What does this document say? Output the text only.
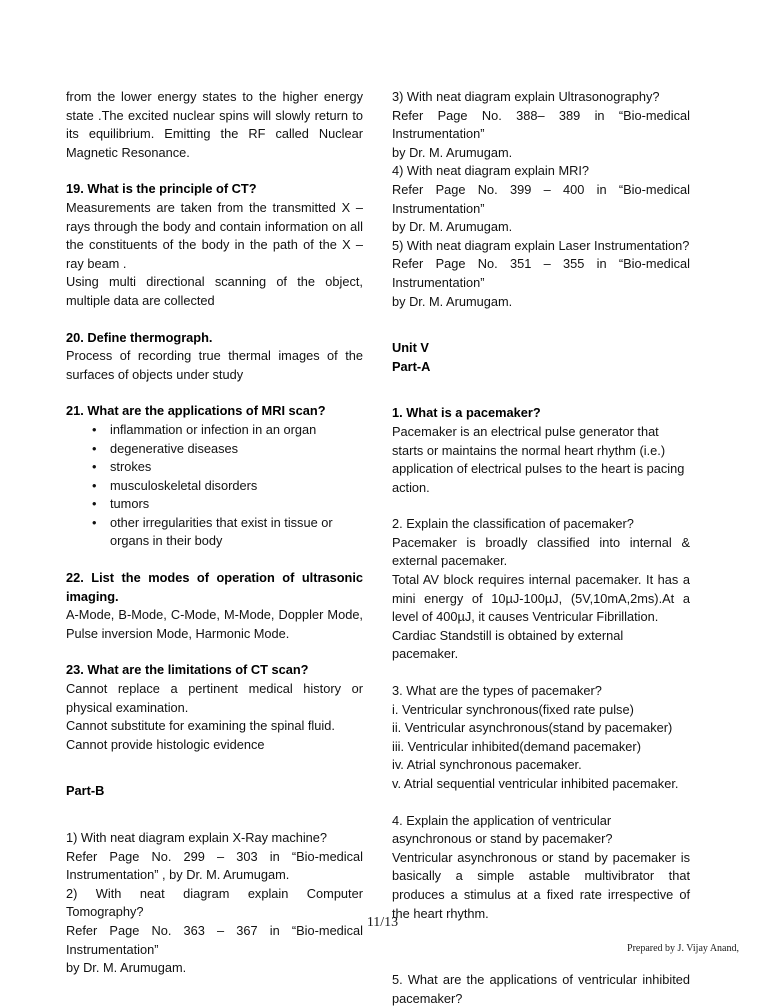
from the lower energy states to the higher energy state .The excited nuclear spins will slowly return to its equilibrium. Emitting the RF called Nuclear Magnetic Resonance.

19. What is the principle of CT?

Measurements are taken from the transmitted X – rays through the body and contain information on all the constituents of the body in the path of the X – ray beam .

Using multi directional scanning of the object, multiple data are collected

20. Define thermograph.

Process of recording true thermal images of the surfaces of objects under study

21. What are the applications of MRI scan?

• inflammation or infection in an organ
• degenerative diseases
• strokes
• musculoskeletal disorders
• tumors
• other irregularities that exist in tissue or organs in their body

22. List the modes of operation of ultrasonic imaging.

A-Mode, B-Mode, C-Mode, M-Mode, Doppler Mode, Pulse inversion Mode, Harmonic Mode.

23. What are the limitations of CT scan?

Cannot replace a pertinent medical history or physical examination.

Cannot substitute for examining the spinal fluid.

Cannot provide histologic evidence

Part-B

1) With neat diagram explain X-Ray machine?

Refer Page No. 299 – 303 in “Bio-medical Instrumentation” , by Dr. M. Arumugam.

2) With neat diagram explain Computer Tomography?

Refer Page No. 363 – 367 in “Bio-medical Instrumentation”

by Dr. M. Arumugam.

3) With neat diagram explain Ultrasonography?

Refer Page No. 388– 389 in “Bio-medical Instrumentation”

by Dr. M. Arumugam.

4) With neat diagram explain MRI?

Refer Page No. 399 – 400 in “Bio-medical Instrumentation”

by Dr. M. Arumugam.

5) With neat diagram explain Laser Instrumentation?

Refer Page No. 351 – 355 in “Bio-medical Instrumentation”

by Dr. M. Arumugam.

Unit V

Part-A

1. What is a pacemaker?

Pacemaker is an electrical pulse generator that starts or maintains the normal heart rhythm (i.e.) application of electrical pulses to the heart is pacing action.

2. Explain the classification of pacemaker?

Pacemaker is broadly classified into internal & external pacemaker.

Total AV block requires internal pacemaker. It has a mini energy of 10µJ-100µJ, (5V,10mA,2ms).At a level of 400µJ, it causes Ventricular Fibrillation.

Cardiac Standstill is obtained by external pacemaker.

3. What are the types of pacemaker?

i. Ventricular synchronous(fixed rate pulse)

ii. Ventricular asynchronous(stand by pacemaker)

iii. Ventricular inhibited(demand pacemaker)

iv. Atrial synchronous pacemaker.

v. Atrial sequential ventricular inhibited pacemaker.

4. Explain the application of ventricular asynchronous or stand by pacemaker?

Ventricular asynchronous or stand by pacemaker is basically a simple astable multivibrator that produces a stimulus at a fixed rate irrespective of the heart rhythm.

5. What are the applications of ventricular inhibited pacemaker?

11/13
Prepared by J. Vijay Anand,
